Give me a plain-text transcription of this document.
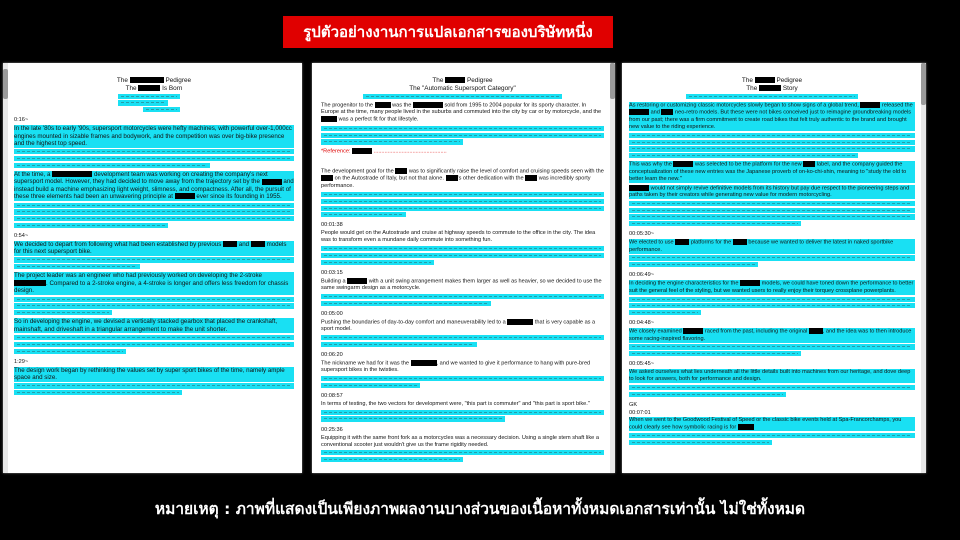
รูปตัวอย่างงานการแปลเอกสารของบริษัทหนึ่ง
The	Pedigree
The	Is Born
0:16~
In the late '80s to early '90s, supersport motorcycles were hefty machines, with powerful over-1,000cc engines mounted in sizable frames and bodywork, and the competition was over big-bike presence and the highest top speed.
At the time, a	development team was working on creating the company's next supersport model. However, they had decided to move away from the trajectory set by the	and instead build a machine emphasizing light weight, slimness, and compactness. After all, the pursuit of these three elements had been an unwavering principle at	ever since its founding in 1955.
0:54~
We decided to depart from following what had been established by previous	and	models for this next supersport bike.
The project leader was an engineer who had previously worked on developing the 2-stroke . Compared to a 2-stroke engine, a 4-stroke is longer and offers less freedom for chassis design.
So in developing the engine, we devised a vertically stacked gearbox that placed the crankshaft, mainshaft, and driveshaft in a triangular arrangement to make the unit shorter.
1:29~
The design work began by rethinking the values set by super sport bikes of the time, namely ample space and size.
The	Pedigree
The "Automatic Supersport Category"
The progenitor to the	was the	sold from 1995 to 2004 popular for its sporty character. In Europe at the time, many people lived in the suburbs and commuted into the city by car or by motorcycle, and the  was a perfect fit for that lifestyle.
*Reference:	...............................................
The development goal for the	was to significantly raise the level of comfort and cruising speeds seen with the  on the Autostrade of Italy, but not that alone. 's other dedication with the	was incredibly sporty performance.
00:01:38
People would get on the Autostrade and cruise at highway speeds to commute to the office in the city. The idea was to transform even a mundane daily commute into something fun.
00:03:15
Building a	with a unit swing arrangement makes them larger as well as heavier, so we decided to use the same swingarm design as a motorcycle.
00:05:00
Pushing the boundaries of day-to-day comfort and maneuverability led to a	that is very capable as a sport model.
00:06:20
The nickname we had for it was the	, and we wanted to give it performance to hang with pure-bred supersport bikes in the twisties.
00:08:57
In terms of testing, the two vectors for development were, "this part is commuter" and "this part is sport bike."
00:25:36
Equipping it with the same front fork as a motorcycles was a necessary decision. Using a single stem shaft like a conventional scooter just wouldn't give us the frame rigidity needed.
The	Pedigree
The	Story
As restoring or customizing classic motorcycles slowly began to show signs of a global trend,	released the  and	neo-retro models. But these were not bikes conceived just to reimagine groundbreaking models from our past; there was a firm commitment to create road bikes that felt truly authentic to the brand and brought new value to the riding experience.
This was why the	was selected to be the platform for the new	label, and the company guided the conceptualization of these new entries was the Japanese proverb of on-ko-chi-shin, meaning to "study the old to better learn the new."
would not simply revive definitive models from its history but pay due respect to the pioneering steps and paths taken by their creators while generating new value for modern motorcycling.
00:05:30~
We elected to use	platforms for the	because we wanted to deliver the latest in naked sportbike performance.
00:06:49~
In deciding the engine characteristics for the	models, we could have toned down the performance to better suit the general feel of the styling, but we wanted users to really enjoy their torquey crossplane powerplants.
00:04:48~
We closely examined	raced from the past, including the original	, and the idea was to then introduce some racing-inspired flavoring.
00:05:45~
We asked ourselves what lies underneath all the little details built into machines from our heritage, and dove deep to look for answers, both for performance and design.
GK
00:07:01
When we went to the Goodwood Festival of Speed or the classic bike events held at Spa-Francorchamps, you could clearly see how symbolic racing is for
หมายเหตุ : ภาพที่แสดงเป็นเพียงภาพผลงานบางส่วนของเนื้อหาทั้งหมดเอกสารเท่านั้น ไม่ใช่ทั้งหมด
